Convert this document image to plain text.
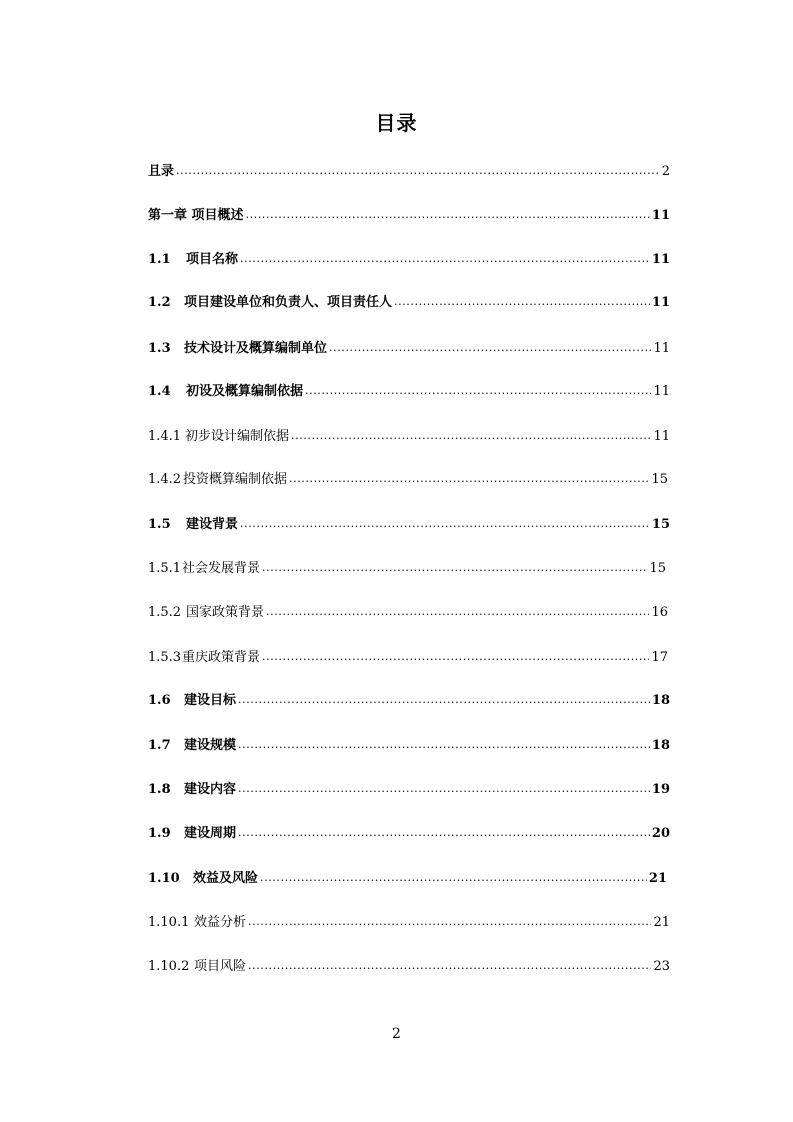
目录
且录 .....	2
第一章 项目概述 .....	11
1.1	项目名称 .....	11
1.2	项目建设单位和负责人、项目责任人 .....	11
1.3	技术设计及概算编制单位 .....	11
1.4	初设及概算编制依据 .....	11
1.4.1 初步设计编制依据 .....	11
1.4.2 投资概算编制依据 .....	15
1.5	建设背景 .....	15
1.5.1 社会发展背景 .....	15
1.5.2 国家政策背景 .....	16
1.5.3 重庆政策背景 .....	17
1.6	建设目标 .....	18
1.7	建设规模 .....	18
1.8	建设内容 .....	19
1.9	建设周期 .....	20
1.10	效益及风险 .....	21
1.10.1 效益分析 .....	21
1.10.2 项目风险 .....	23
2
